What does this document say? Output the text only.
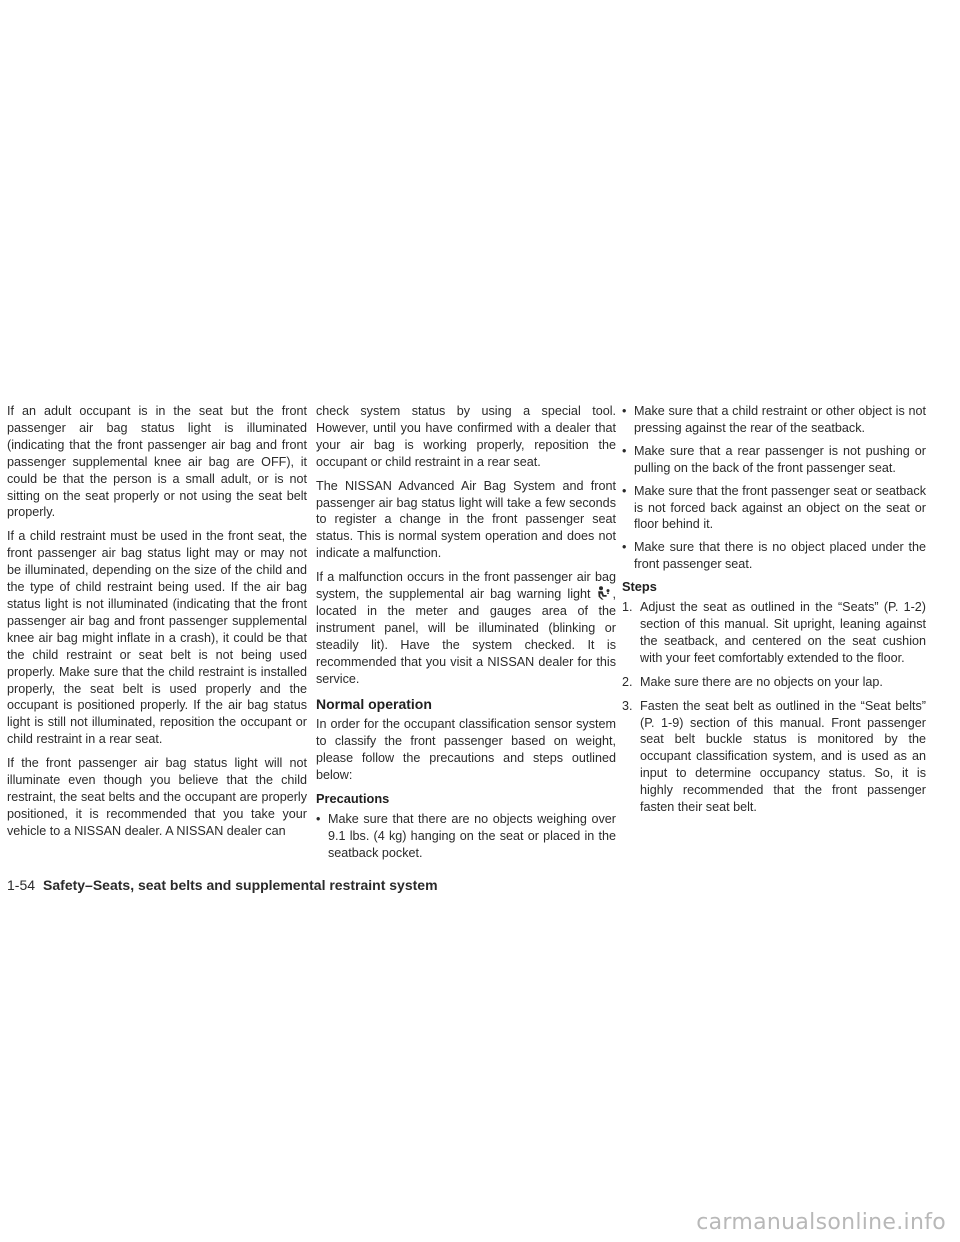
If an adult occupant is in the seat but the front passenger air bag status light is illuminated (indicating that the front passenger air bag and front passenger supplemental knee air bag are OFF), it could be that the person is a small adult, or is not sitting on the seat properly or not using the seat belt properly.

If a child restraint must be used in the front seat, the front passenger air bag status light may or may not be illuminated, depending on the size of the child and the type of child restraint being used. If the air bag status light is not illuminated (indicating that the front passenger air bag and front passenger supplemental knee air bag might inflate in a crash), it could be that the child restraint or seat belt is not being used properly. Make sure that the child restraint is installed properly, the seat belt is used properly and the occupant is positioned properly. If the air bag status light is still not illuminated, reposition the occupant or child restraint in a rear seat.

If the front passenger air bag status light will not illuminate even though you believe that the child restraint, the seat belts and the occupant are properly positioned, it is recommended that you take your vehicle to a NISSAN dealer. A NISSAN dealer can

check system status by using a special tool. However, until you have confirmed with a dealer that your air bag is working properly, reposition the occupant or child restraint in a rear seat.

The NISSAN Advanced Air Bag System and front passenger air bag status light will take a few seconds to register a change in the front passenger seat status. This is normal system operation and does not indicate a malfunction.

If a malfunction occurs in the front passenger air bag system, the supplemental air bag warning light , located in the meter and gauges area of the instrument panel, will be illuminated (blinking or steadily lit). Have the system checked. It is recommended that you visit a NISSAN dealer for this service.

Normal operation

In order for the occupant classification sensor system to classify the front passenger based on weight, please follow the precautions and steps outlined below:

Precautions
• Make sure that there are no objects weighing over 9.1 lbs. (4 kg) hanging on the seat or placed in the seatback pocket.
• Make sure that a child restraint or other object is not pressing against the rear of the seatback.
• Make sure that a rear passenger is not pushing or pulling on the back of the front passenger seat.
• Make sure that the front passenger seat or seatback is not forced back against an object on the seat or floor behind it.
• Make sure that there is no object placed under the front passenger seat.
Steps
1. Adjust the seat as outlined in the “Seats” (P. 1-2) section of this manual. Sit upright, leaning against the seatback, and centered on the seat cushion with your feet comfortably extended to the floor.
2. Make sure there are no objects on your lap.
3. Fasten the seat belt as outlined in the “Seat belts” (P. 1-9) section of this manual. Front passenger seat belt buckle status is monitored by the occupant classification system, and is used as an input to determine occupancy status. So, it is highly recommended that the front passenger fasten their seat belt.
1-54 Safety–Seats, seat belts and supplemental restraint system
carmanualsonline.info
